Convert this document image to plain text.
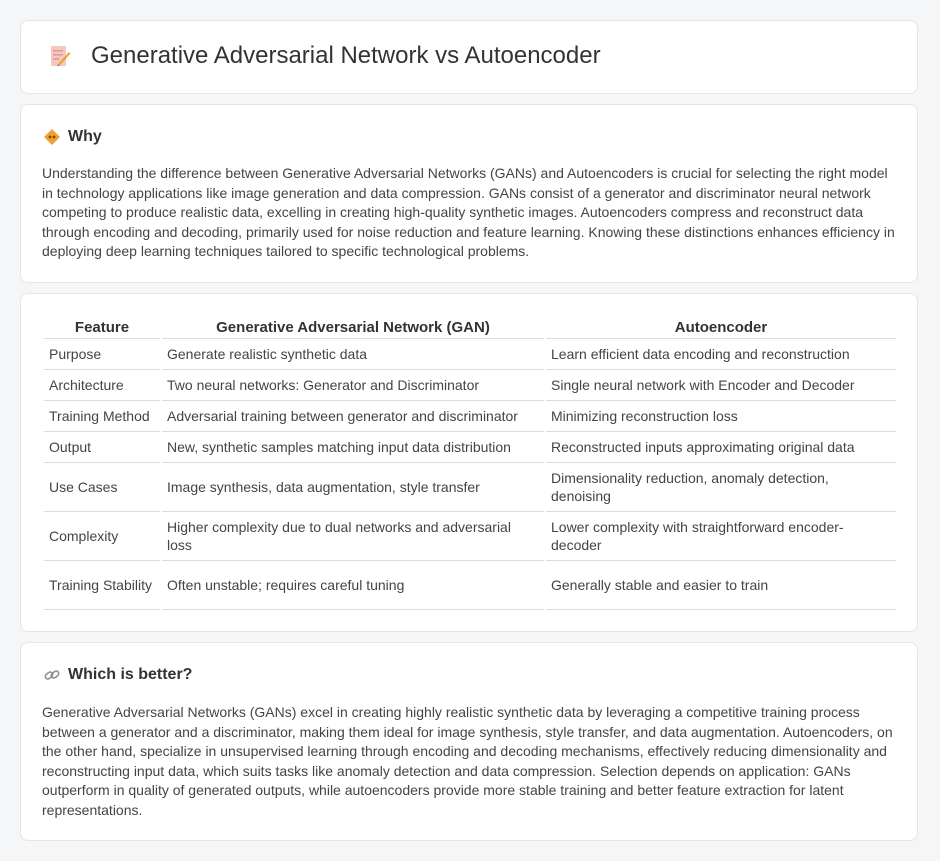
Generative Adversarial Network vs Autoencoder
Why

Understanding the difference between Generative Adversarial Networks (GANs) and Autoencoders is crucial for selecting the right model in technology applications like image generation and data compression. GANs consist of a generator and discriminator neural network competing to produce realistic data, excelling in creating high-quality synthetic images. Autoencoders compress and reconstruct data through encoding and decoding, primarily used for noise reduction and feature learning. Knowing these distinctions enhances efficiency in deploying deep learning techniques tailored to specific technological problems.

Feature	Generative Adversarial Network (GAN)	Autoencoder
Purpose	Generate realistic synthetic data	Learn efficient data encoding and reconstruction
Architecture	Two neural networks: Generator and Discriminator	Single neural network with Encoder and Decoder
Training Method	Adversarial training between generator and discriminator	Minimizing reconstruction loss
Output	New, synthetic samples matching input data distribution	Reconstructed inputs approximating original data
Use Cases	Image synthesis, data augmentation, style transfer	Dimensionality reduction, anomaly detection, denoising
Complexity	Higher complexity due to dual networks and adversarial loss	Lower complexity with straightforward encoder-decoder
Training Stability	Often unstable; requires careful tuning	Generally stable and easier to train
Which is better?

Generative Adversarial Networks (GANs) excel in creating highly realistic synthetic data by leveraging a competitive training process between a generator and a discriminator, making them ideal for image synthesis, style transfer, and data augmentation. Autoencoders, on the other hand, specialize in unsupervised learning through encoding and decoding mechanisms, effectively reducing dimensionality and reconstructing input data, which suits tasks like anomaly detection and data compression. Selection depends on application: GANs outperform in quality of generated outputs, while autoencoders provide more stable training and better feature extraction for latent representations.
